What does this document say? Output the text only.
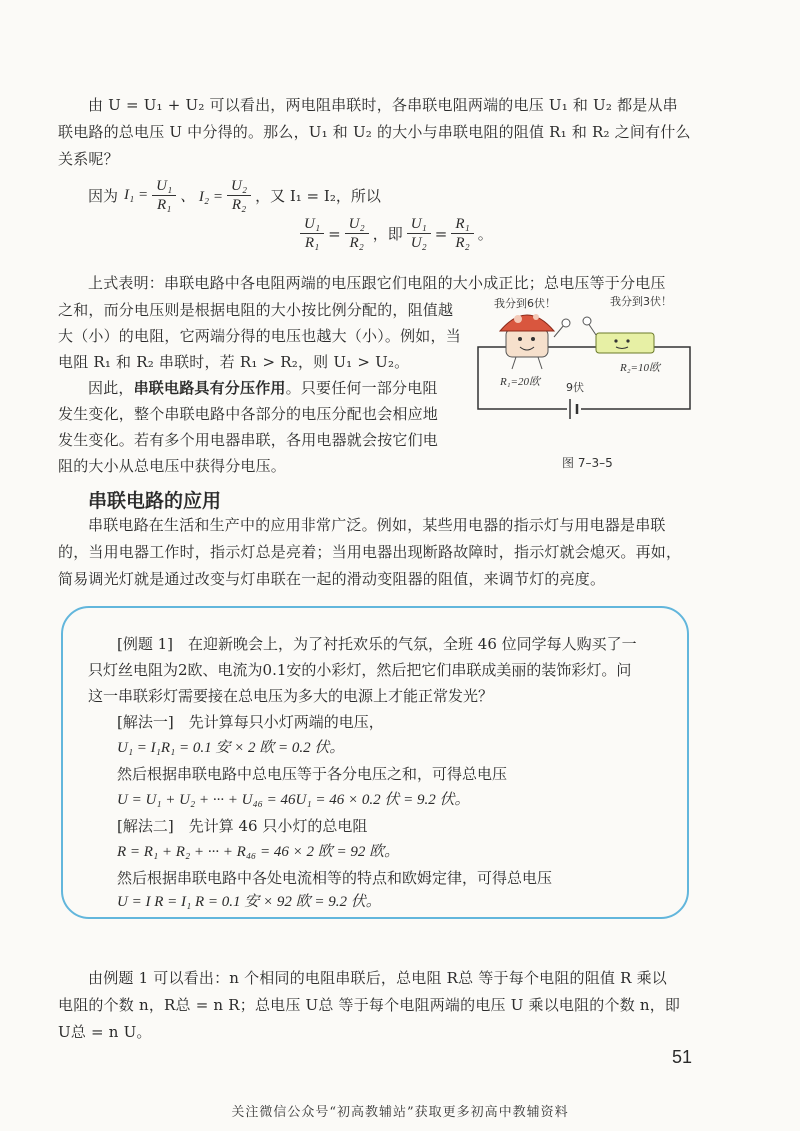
由 U = U₁ + U₂ 可以看出，两电阻串联时，各串联电阻两端的电压 U₁ 和 U₂ 都是从串
联电路的总电压 U 中分得的。那么，U₁ 和 U₂ 的大小与串联电阻的阻值 R₁ 和 R₂ 之间有什么
关系呢？
因为 $I_1 = \frac{\text{U₁}}{\text{R₁}}$ 、 $I_2 = \frac{\text{U₂}}{\text{R₂}}$ ，又 I₁ = I₂，所以
$\frac{\text{U₁}}{\text{R₁}} = \frac{\text{U₂}}{\text{R₂}}$ ，即 $\frac{\text{U₁}}{\text{U₂}} = \frac{\text{R₁}}{\text{R₂}}$ 。
上式表明：串联电路中各电阻两端的电压跟它们电阻的大小成正比；总电压等于分电压
之和，而分电压则是根据电阻的大小按比例分配的，阻值越
大（小）的电阻，它两端分得的电压也越大（小）。例如，当
电阻 R₁ 和 R₂ 串联时，若 R₁ > R₂，则 U₁ > U₂。
因此，串联电路具有分压作用。只要任何一部分电阻
发生变化，整个串联电路中各部分的电压分配也会相应地
发生变化。若有多个用电器串联，各用电器就会按它们电
阻的大小从总电压中获得分电压。
9伏
R₁=20欧
R₂=10欧
我分到6伏！	我分到3伏！
图 7–3–5
串联电路的应用
串联电路在生活和生产中的应用非常广泛。例如，某些用电器的指示灯与用电器是串联
的，当用电器工作时，指示灯总是亮着；当用电器出现断路故障时，指示灯就会熄灭。再如，
简易调光灯就是通过改变与灯串联在一起的滑动变阻器的阻值，来调节灯的亮度。
[例题 1]　在迎新晚会上，为了衬托欢乐的气氛，全班 46 位同学每人购买了一
只灯丝电阻为2欧、电流为0.1安的小彩灯，然后把它们串联成美丽的装饰彩灯。问
这一串联彩灯需要接在总电压为多大的电源上才能正常发光？
[解法一]　先计算每只小灯两端的电压，
U₁ = I₁R₁ = 0.1 安 × 2 欧 = 0.2 伏。
然后根据串联电路中总电压等于各分电压之和，可得总电压
U = U₁ + U₂ + ··· + U₄₆ = 46U₁ = 46 × 0.2 伏 = 9.2 伏。
[解法二]　先计算 46 只小灯的总电阻
R = R₁ + R₂ + ··· + R₄₆ = 46 × 2 欧 = 92 欧。
然后根据串联电路中各处电流相等的特点和欧姆定律，可得总电压
U = I R = I₁ R = 0.1 安 × 92 欧 = 9.2 伏。
由例题 1 可以看出：n 个相同的电阻串联后，总电阻 R总 等于每个电阻的阻值 R 乘以
电阻的个数 n，R总 = n R；总电压 U总 等于每个电阻两端的电压 U 乘以电阻的个数 n，即
U总 = n U。
51
关注微信公众号“初高教辅站”获取更多初高中教辅资料
